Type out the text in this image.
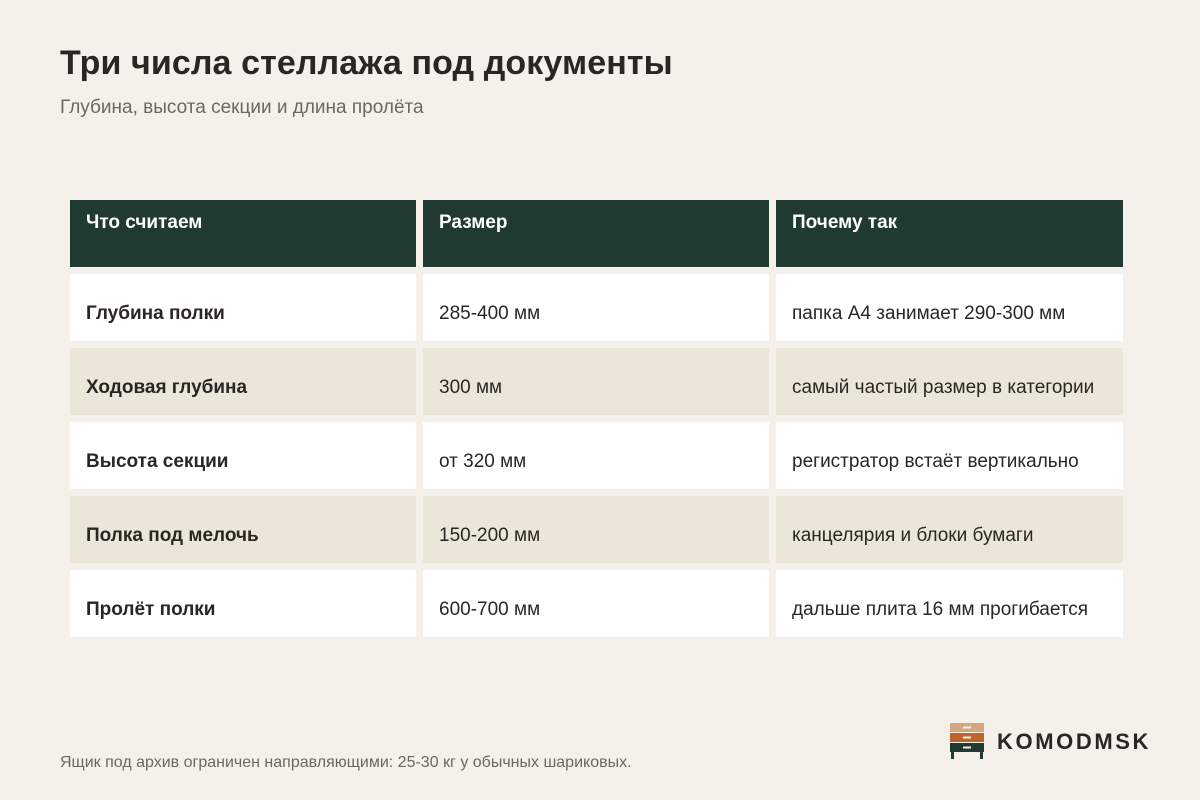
Три числа стеллажа под документы

Глубина, высота секции и длина пролёта

Что считаем	Размер	Почему так
Глубина полки	285-400 мм	папка А4 занимает 290-300 мм
Ходовая глубина	300 мм	самый частый размер в категории
Высота секции	от 320 мм	регистратор встаёт вертикально
Полка под мелочь	150-200 мм	канцелярия и блоки бумаги
Пролёт полки	600-700 мм	дальше плита 16 мм прогибается

Ящик под архив ограничен направляющими: 25-30 кг у обычных шариковых.

KOMODMSK
